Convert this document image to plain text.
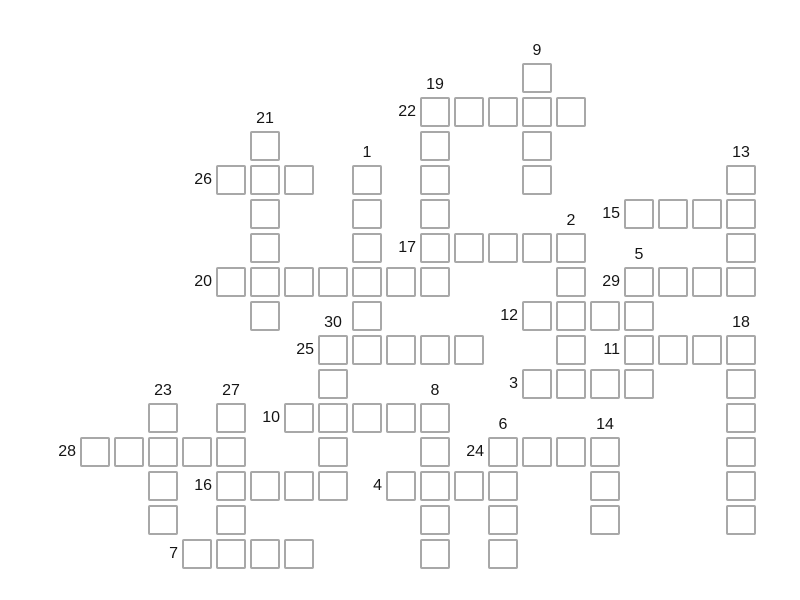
1
2
3
4
5
6
7
8
9
10
11
12
13
14
15
16
17
18
19
20
21	22
23
24
25
26
27
28
29
30
